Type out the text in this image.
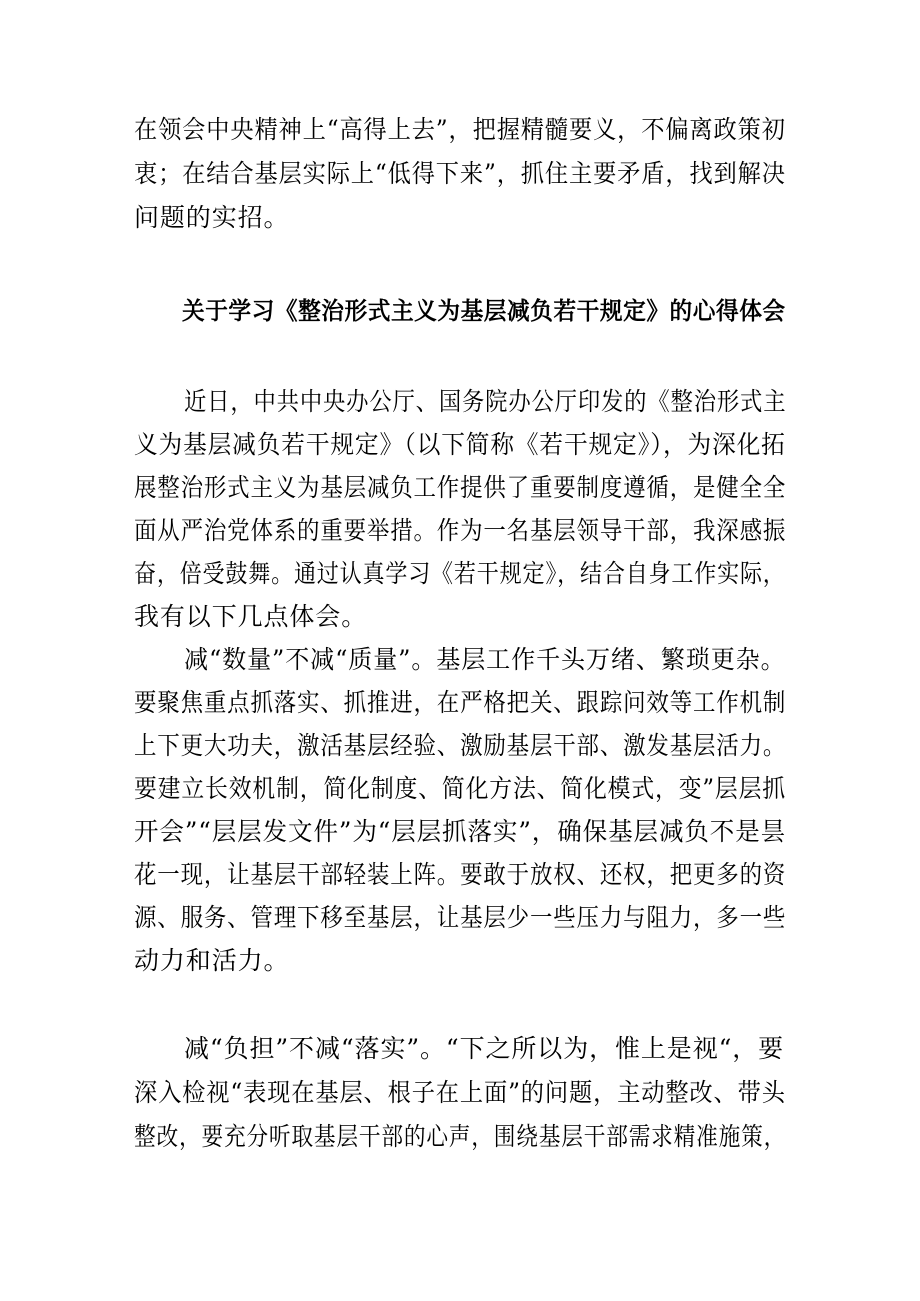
在领会中央精神上“高得上去”，把握精髓要义，不偏离政策初
衷；在结合基层实际上“低得下来”，抓住主要矛盾，找到解决
问题的实招。
关于学习《整治形式主义为基层减负若干规定》的心得体会
近日，中共中央办公厅、国务院办公厅印发的《整治形式主
义为基层减负若干规定》（以下简称《若干规定》），为深化拓
展整治形式主义为基层减负工作提供了重要制度遵循，是健全全
面从严治党体系的重要举措。作为一名基层领导干部，我深感振
奋，倍受鼓舞。通过认真学习《若干规定》，结合自身工作实际，
我有以下几点体会。
减“数量”不减“质量”。基层工作千头万绪、繁琐更杂。
要聚焦重点抓落实、抓推进，在严格把关、跟踪问效等工作机制
上下更大功夫，激活基层经验、激励基层干部、激发基层活力。
要建立长效机制，简化制度、简化方法、简化模式，变”层层抓
开会”“层层发文件”为“层层抓落实”，确保基层减负不是昙
花一现，让基层干部轻装上阵。要敢于放权、还权，把更多的资
源、服务、管理下移至基层，让基层少一些压力与阻力，多一些
动力和活力。
减“负担”不减“落实”。“下之所以为，惟上是视“，要
深入检视“表现在基层、根子在上面”的问题，主动整改、带头
整改，要充分听取基层干部的心声，围绕基层干部需求精准施策，
